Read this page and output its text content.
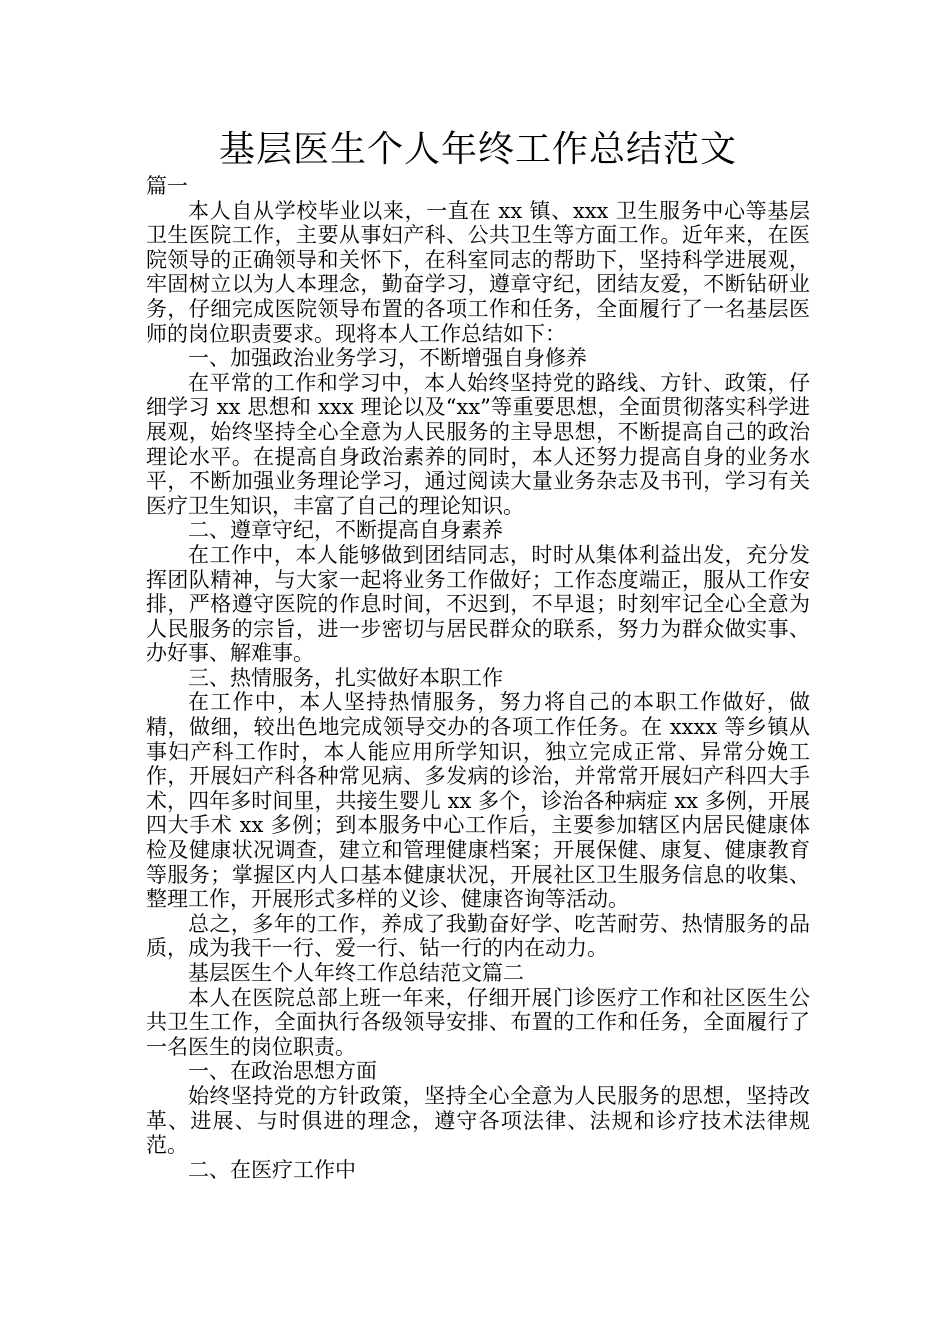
基层医生个人年终工作总结范文

篇一

本人自从学校毕业以来，一直在 xx 镇、xxx 卫生服务中心等基层卫生医院工作，主要从事妇产科、公共卫生等方面工作。近年来，在医院领导的正确领导和关怀下，在科室同志的帮助下，坚持科学进展观，牢固树立以为人本理念，勤奋学习，遵章守纪，团结友爱，不断钻研业务，仔细完成医院领导布置的各项工作和任务，全面履行了一名基层医师的岗位职责要求。现将本人工作总结如下：

一、加强政治业务学习，不断增强自身修养

在平常的工作和学习中，本人始终坚持党的路线、方针、政策，仔细学习 xx 思想和 xxx 理论以及“xx”等重要思想，全面贯彻落实科学进展观，始终坚持全心全意为人民服务的主导思想，不断提高自己的政治理论水平。在提高自身政治素养的同时，本人还努力提高自身的业务水平，不断加强业务理论学习，通过阅读大量业务杂志及书刊，学习有关医疗卫生知识，丰富了自己的理论知识。

二、遵章守纪，不断提高自身素养

在工作中，本人能够做到团结同志，时时从集体利益出发，充分发挥团队精神，与大家一起将业务工作做好；工作态度端正，服从工作安排，严格遵守医院的作息时间，不迟到，不早退；时刻牢记全心全意为人民服务的宗旨，进一步密切与居民群众的联系，努力为群众做实事、办好事、解难事。

三、热情服务，扎实做好本职工作

在工作中，本人坚持热情服务，努力将自己的本职工作做好，做精，做细，较出色地完成领导交办的各项工作任务。在 xxxx 等乡镇从事妇产科工作时，本人能应用所学知识，独立完成正常、异常分娩工作，开展妇产科各种常见病、多发病的诊治，并常常开展妇产科四大手术，四年多时间里，共接生婴儿 xx 多个，诊治各种病症 xx 多例，开展四大手术 xx 多例；到本服务中心工作后，主要参加辖区内居民健康体检及健康状况调查，建立和管理健康档案；开展保健、康复、健康教育等服务；掌握区内人口基本健康状况，开展社区卫生服务信息的收集、整理工作，开展形式多样的义诊、健康咨询等活动。

总之，多年的工作，养成了我勤奋好学、吃苦耐劳、热情服务的品质，成为我干一行、爱一行、钻一行的内在动力。

基层医生个人年终工作总结范文篇二

本人在医院总部上班一年来，仔细开展门诊医疗工作和社区医生公共卫生工作，全面执行各级领导安排、布置的工作和任务，全面履行了一名医生的岗位职责。

一、在政治思想方面

始终坚持党的方针政策，坚持全心全意为人民服务的思想，坚持改革、进展、与时俱进的理念，遵守各项法律、法规和诊疗技术法律规范。

二、在医疗工作中
